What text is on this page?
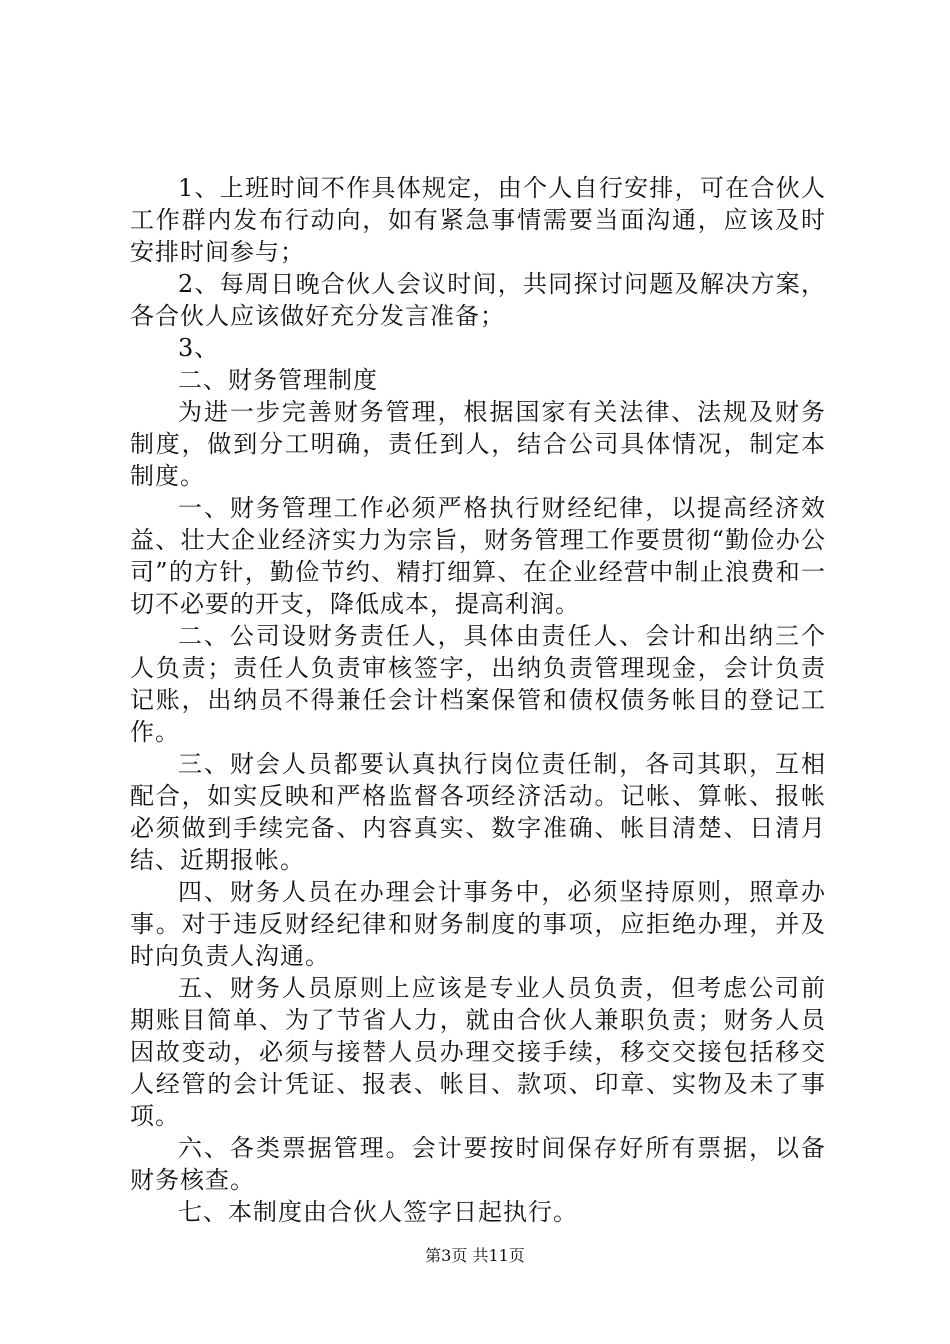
1、上班时间不作具体规定，由个人自行安排，可在合伙人工作群内发布行动向，如有紧急事情需要当面沟通，应该及时安排时间参与；

2、每周日晚合伙人会议时间，共同探讨问题及解决方案，各合伙人应该做好充分发言准备；

3、

二、财务管理制度

为进一步完善财务管理，根据国家有关法律、法规及财务制度，做到分工明确，责任到人，结合公司具体情况，制定本制度。

一、财务管理工作必须严格执行财经纪律，以提高经济效益、壮大企业经济实力为宗旨，财务管理工作要贯彻“勤俭办公司”的方针，勤俭节约、精打细算、在企业经营中制止浪费和一切不必要的开支，降低成本，提高利润。

二、公司设财务责任人，具体由责任人、会计和出纳三个人负责；责任人负责审核签字，出纳负责管理现金，会计负责记账，出纳员不得兼任会计档案保管和债权债务帐目的登记工作。

三、财会人员都要认真执行岗位责任制，各司其职，互相配合，如实反映和严格监督各项经济活动。记帐、算帐、报帐必须做到手续完备、内容真实、数字准确、帐目清楚、日清月结、近期报帐。

四、财务人员在办理会计事务中，必须坚持原则，照章办事。对于违反财经纪律和财务制度的事项，应拒绝办理，并及时向负责人沟通。

五、财务人员原则上应该是专业人员负责，但考虑公司前期账目简单、为了节省人力，就由合伙人兼职负责；财务人员因故变动，必须与接替人员办理交接手续，移交交接包括移交人经管的会计凭证、报表、帐目、款项、印章、实物及未了事项。

六、各类票据管理。会计要按时间保存好所有票据，以备财务核查。

七、本制度由合伙人签字日起执行。

第3页 共11页
